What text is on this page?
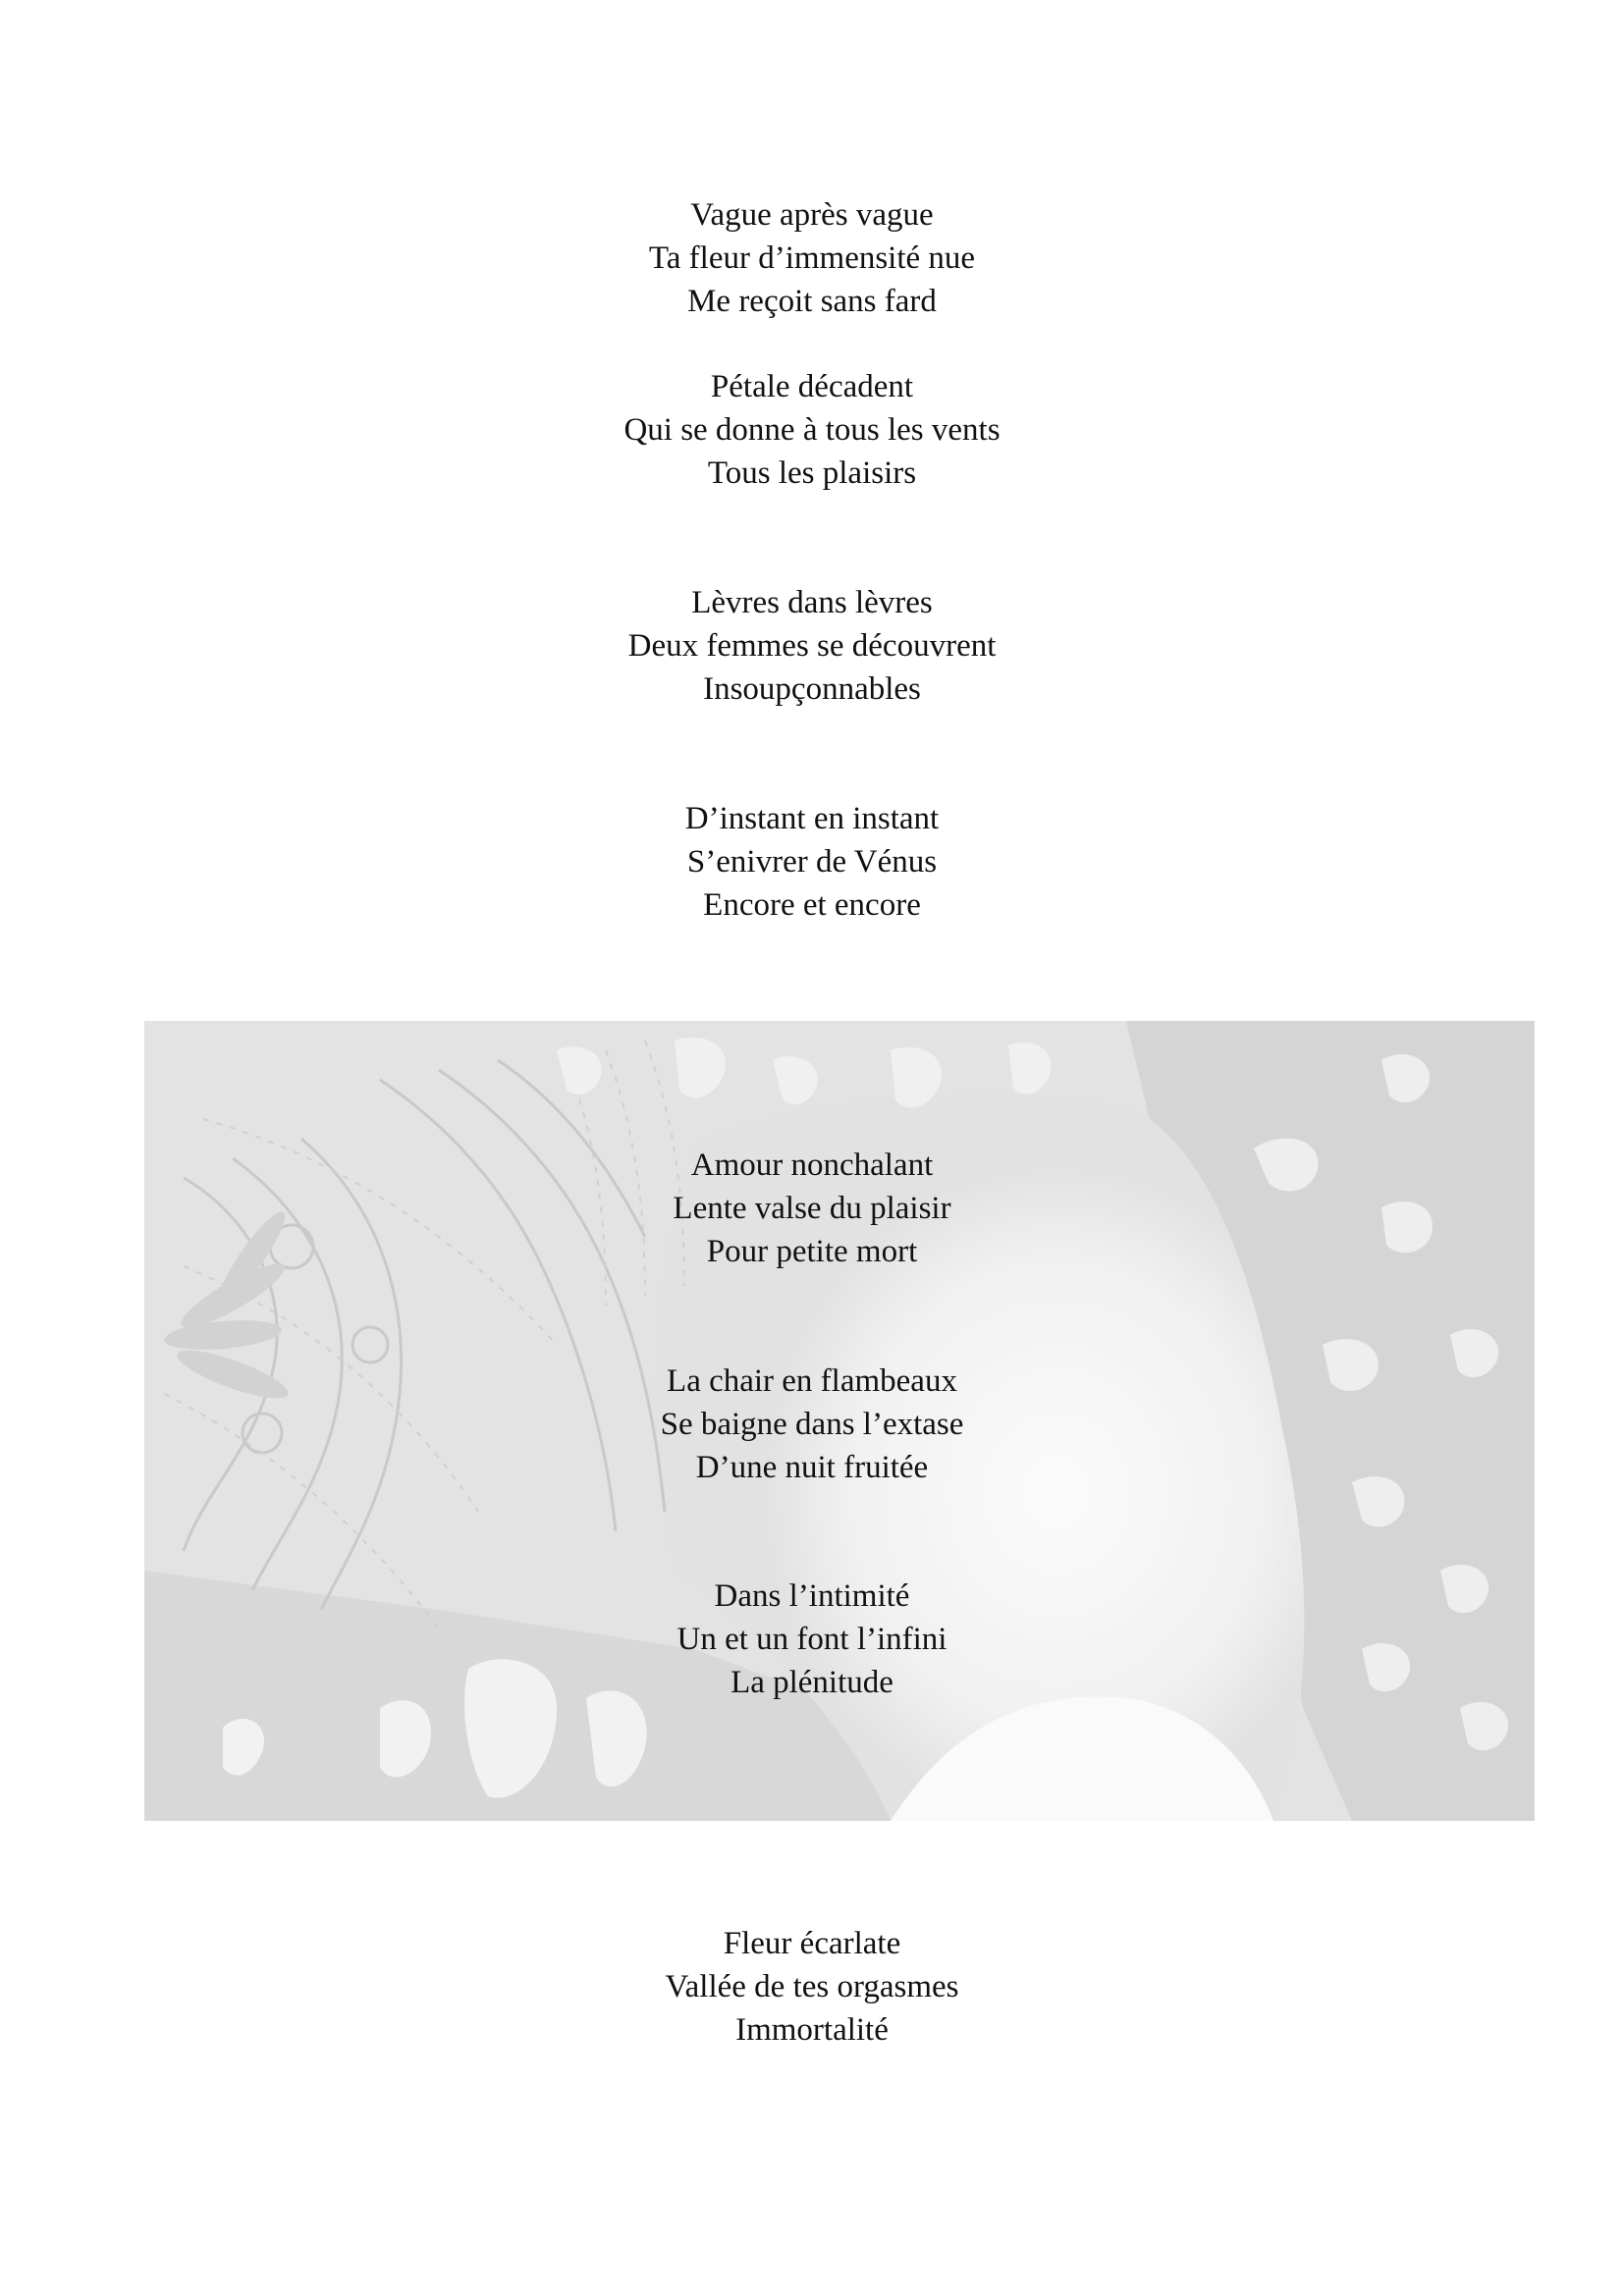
Vague après vague
Ta fleur d’immensité nue
Me reçoit sans fard
Pétale décadent
Qui se donne à tous les vents
Tous les plaisirs
Lèvres dans lèvres
Deux femmes se découvrent
Insoupçonnables
D’instant en instant
S’enivrer de Vénus
Encore et encore
Amour nonchalant
Lente valse du plaisir
Pour petite mort
La chair en flambeaux
Se baigne dans l’extase
D’une nuit fruitée
Dans l’intimité
Un et un font l’infini
La plénitude
Fleur écarlate
Vallée de tes orgasmes
Immortalité
